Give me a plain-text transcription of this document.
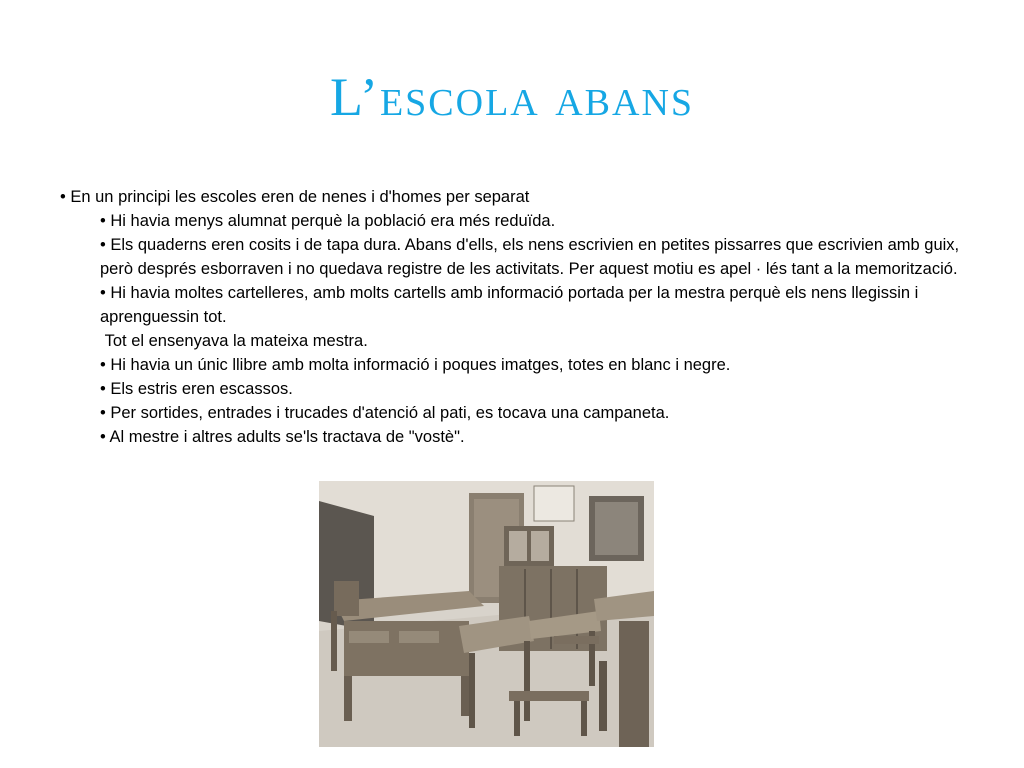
L’escola abans
• En un principi les escoles eren de nenes i d'homes per separat
• Hi havia menys alumnat perquè la població era més reduïda.
• Els quaderns eren cosits i de tapa dura. Abans d'ells, els nens escrivien en petites pissarres que escrivien amb guix, però després esborraven i no quedava registre de les activitats. Per aquest motiu es apel · lés tant a la memorització.
• Hi havia moltes cartelleres, amb molts cartells amb informació portada per la mestra perquè els nens llegissin i aprenguessin tot.
Tot el ensenyava la mateixa mestra.
• Hi havia un únic llibre amb molta informació i poques imatges, totes en blanc i negre.
• Els estris eren escassos.
• Per sortides, entrades i trucades d'atenció al pati, es tocava una campaneta.
• Al mestre i altres adults se'ls tractava de "vostè".
